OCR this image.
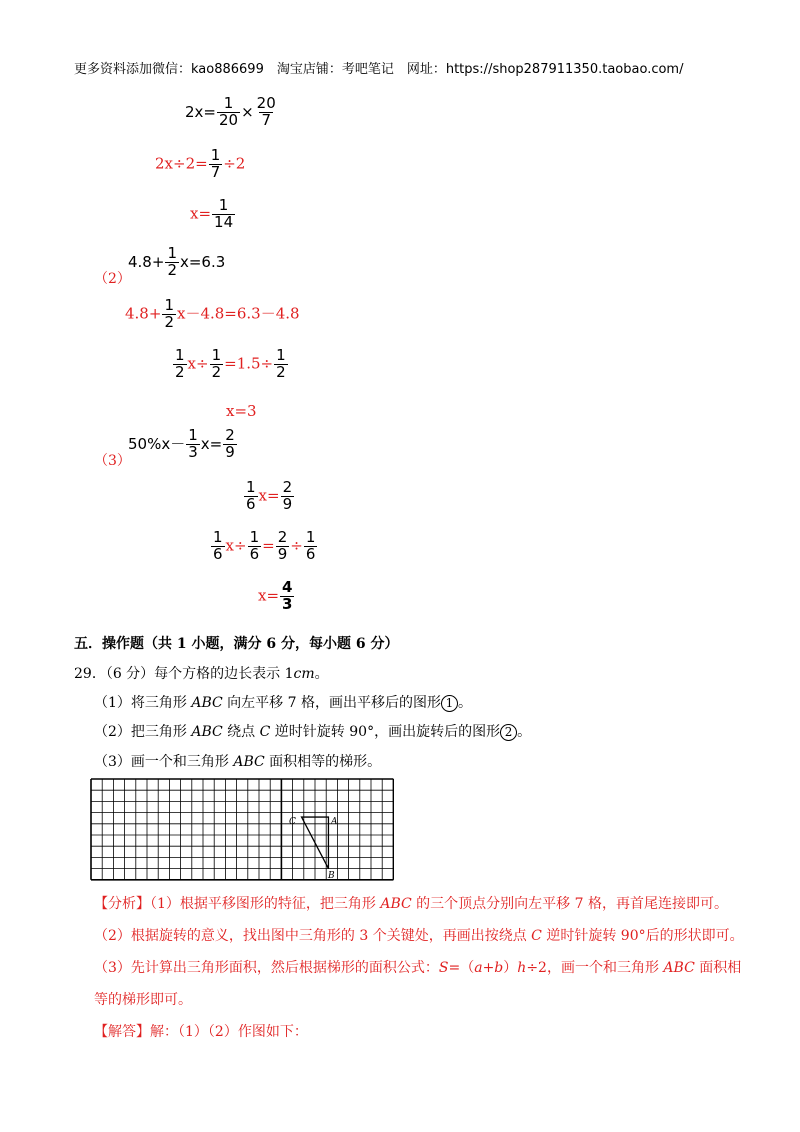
更多资料添加微信：kao886699　淘宝店铺：考吧笔记　网址：https://shop287911350.taobao.com/
$2x= \frac{1}{20} \times \frac{20}{7}$
$2x\div 2= \frac{1}{7} \div 2$
$x= \frac{1}{14}$
（2）
$4.8+ \frac{1}{2} x=6.3$
$4.8+ \frac{1}{2} x-4.8=6.3-4.8$
$\frac{1}{2} x\div \frac{1}{2} =1.5\div \frac{1}{2}$
x=3
（3）
$50\%x- \frac{1}{3} x= \frac{2}{9}$
$\frac{1}{6} x= \frac{2}{9}$
$\frac{1}{6} x\div \frac{1}{6} = \frac{2}{9} \div \frac{1}{6}$
$x= \frac{4}{3}$
五．操作题（共 1 小题，满分 6 分，每小题 6 分）
29．（6 分）每个方格的边长表示 1cm。
（1）将三角形 ABC 向左平移 7 格，画出平移后的图形 1 。
（2）把三角形 ABC 绕点 C 逆时针旋转 90°，画出旋转后的图形 2 。
（3）画一个和三角形 ABC 面积相等的梯形。
C	A
B
【分析】（1）根据平移图形的特征，把三角形 ABC 的三个顶点分别向左平移 7 格，再首尾连接即可。
（2）根据旋转的意义，找出图中三角形的 3 个关键处，再画出按绕点 C 逆时针旋转 90°后的形状即可。
（3）先计算出三角形面积，然后根据梯形的面积公式：S=（a+b）h÷2，画一个和三角形 ABC 面积相
等的梯形即可。
【解答】解：（1）（2）作图如下：
